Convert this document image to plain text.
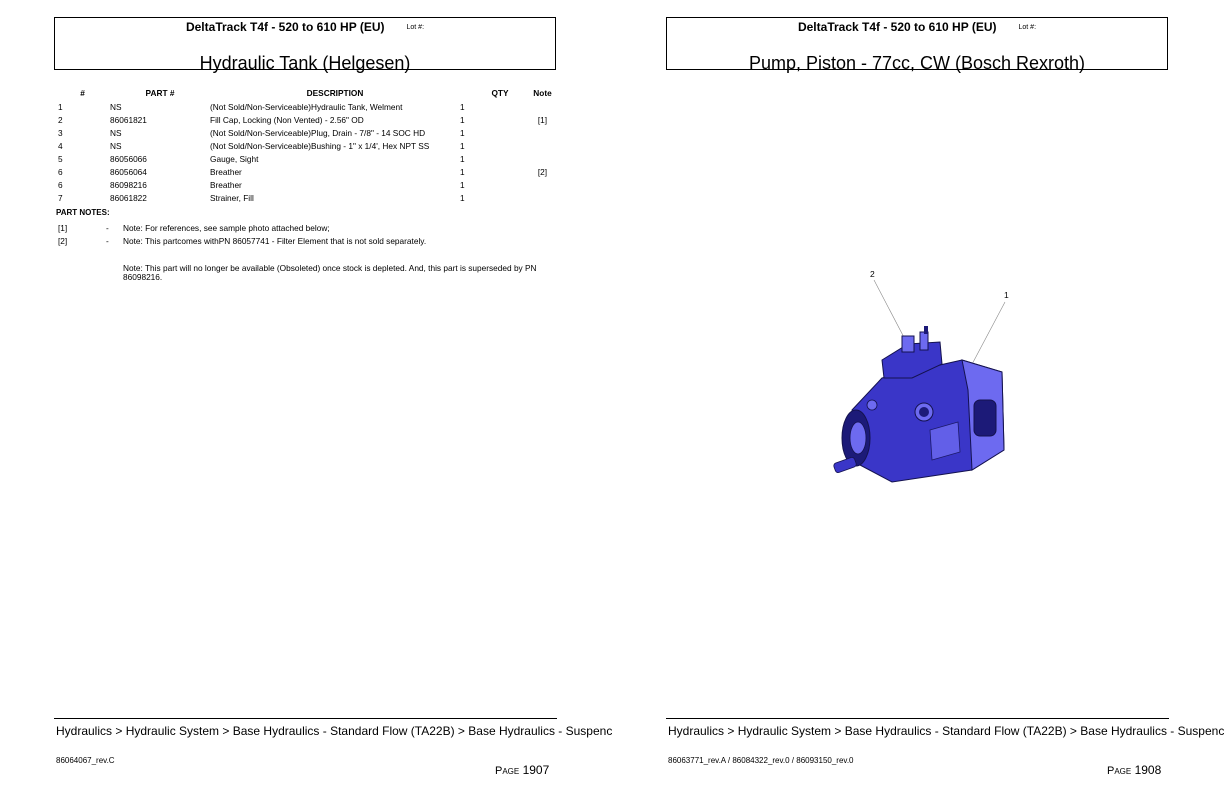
DeltaTrack T4f - 520 to 610 HP (EU)	Lot #:
Hydraulic Tank (Helgesen)
#	PART #	DESCRIPTION	QTY	Note
1	NS	(Not Sold/Non-Serviceable)Hydraulic Tank, Welment	1	
2	86061821	Fill Cap, Locking (Non Vented) - 2.56" OD	1	[1]
3	NS	(Not Sold/Non-Serviceable)Plug, Drain - 7/8" - 14 SOC HD	1	
4	NS	(Not Sold/Non-Serviceable)Bushing - 1" x 1/4', Hex NPT SS	1	
5	86056066	Gauge, Sight	1	
6	86056064	Breather	1	[2]
6	86098216	Breather	1	
7	86061822	Strainer, Fill	1	
PART NOTES:
[1]	- Note: For references, see sample photo attached below;
[2]	- Note: This partcomes withPN 86057741 - Filter Element that is not sold separately.
Note: This part will no longer be available (Obsoleted) once stock is depleted. And, this part is superseded by PN 86098216.
Hydraulics > Hydraulic System > Base Hydraulics - Standard Flow (TA22B) > Base Hydraulics - Suspenc
86064067_rev.C
Page 1907
DeltaTrack T4f - 520 to 610 HP (EU)	Lot #:
Pump, Piston - 77cc, CW (Bosch Rexroth)
2
1
Hydraulics > Hydraulic System > Base Hydraulics - Standard Flow (TA22B) > Base Hydraulics - Suspenc
86063771_rev.A / 86084322_rev.0 / 86093150_rev.0
Page 1908
